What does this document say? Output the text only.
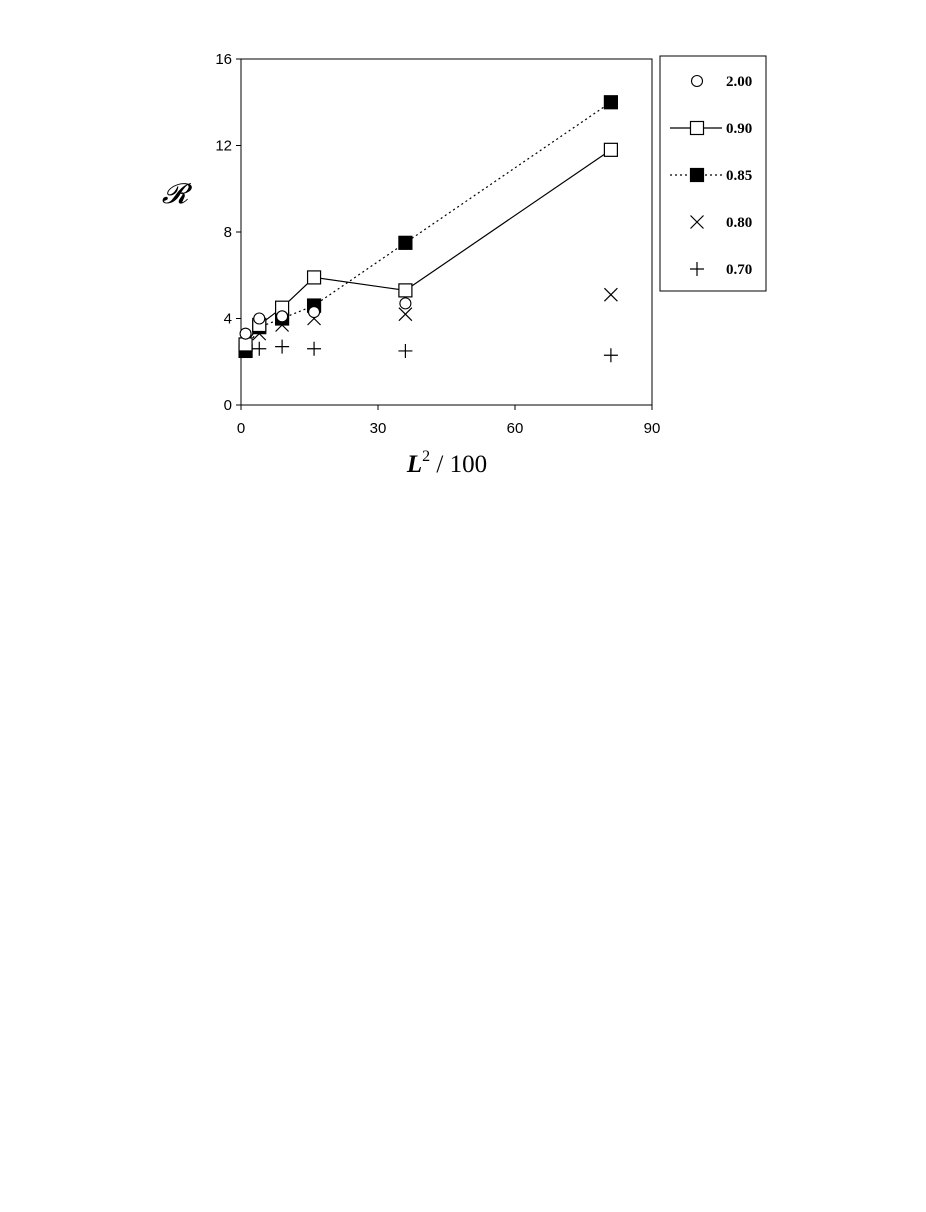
0
4
8
12
16
0	30	60	90
𝓡
$L^2 / 100$
2.00
0.90
0.85
0.80
0.70
